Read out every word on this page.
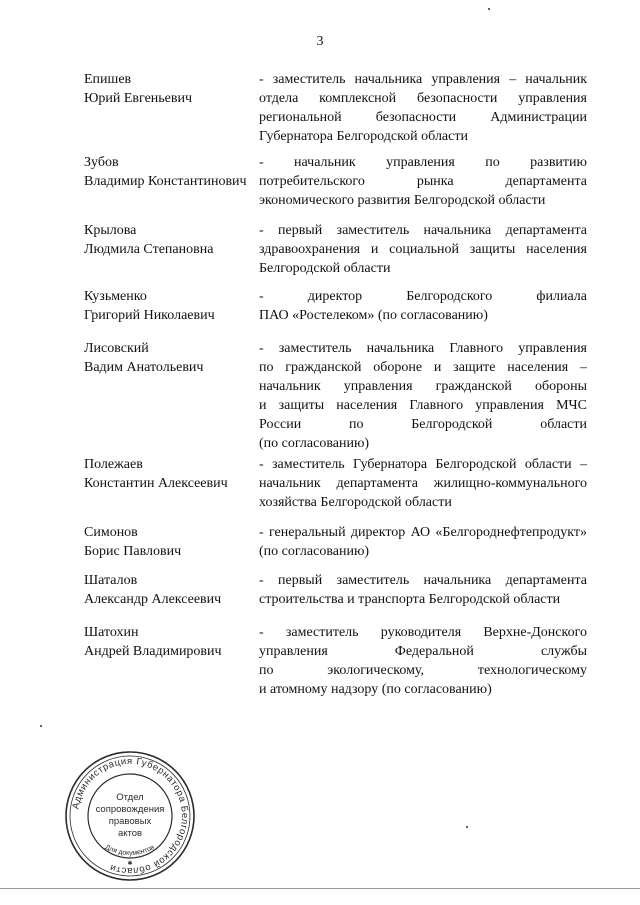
3
Епишев
Юрий Евгеньевич
- заместитель начальника управления – начальник
отдела комплексной безопасности управления
региональной безопасности Администрации
Губернатора Белгородской области
Зубов
Владимир Константинович
- начальник управления по развитию
потребительского рынка департамента
экономического развития Белгородской области
Крылова
Людмила Степановна
- первый заместитель начальника департамента
здравоохранения и социальной защиты населения
Белгородской области
Кузьменко
Григорий Николаевич
- директор Белгородского филиала
ПАО «Ростелеком» (по согласованию)
Лисовский
Вадим Анатольевич
- заместитель начальника Главного управления
по гражданской обороне и защите населения –
начальник управления гражданской обороны
и защиты населения Главного управления МЧС
России по Белгородской области
(по согласованию)
Полежаев
Константин Алексеевич
- заместитель Губернатора Белгородской области –
начальник департамента жилищно-коммунального
хозяйства Белгородской области
Симонов
Борис Павлович
- генеральный директор АО «Белгороднефтепродукт»
(по согласованию)
Шаталов
Александр Алексеевич
- первый заместитель начальника департамента
строительства и транспорта Белгородской области
Шатохин
Андрей Владимирович
- заместитель руководителя Верхне-Донского
управления Федеральной службы
по экологическому, технологическому
и атомному надзору (по согласованию)
Администрация Губернатора Белгородской области
Отдел
сопровождения
правовых
актов
Для документов
✱
